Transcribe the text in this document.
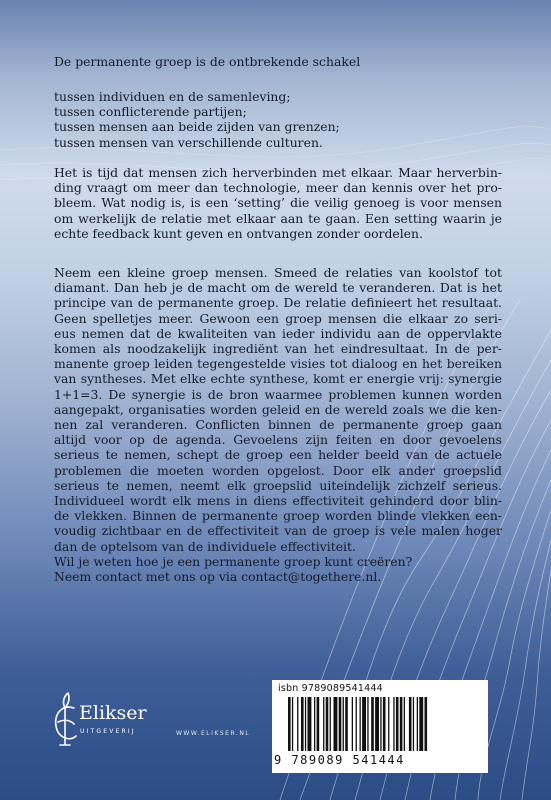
De permanente groep is de ontbrekende schakel

tussen individuen en de samenleving;

tussen conflicterende partijen;

tussen mensen aan beide zijden van grenzen;

tussen mensen van verschillende culturen.

Het is tijd dat mensen zich herverbinden met elkaar. Maar herverbin-

ding vraagt om meer dan technologie, meer dan kennis over het pro-

bleem. Wat nodig is, is een ‘setting’ die veilig genoeg is voor mensen

om werkelijk de relatie met elkaar aan te gaan. Een setting waarin je

echte feedback kunt geven en ontvangen zonder oordelen.

Neem een kleine groep mensen. Smeed de relaties van koolstof tot

diamant. Dan heb je de macht om de wereld te veranderen. Dat is het

principe van de permanente groep. De relatie definieert het resultaat.

Geen spelletjes meer. Gewoon een groep mensen die elkaar zo seri-

eus nemen dat de kwaliteiten van ieder individu aan de oppervlakte

komen als noodzakelijk ingrediënt van het eindresultaat. In de per-

manente groep leiden tegengestelde visies tot dialoog en het bereiken

van syntheses. Met elke echte synthese, komt er energie vrij: synergie

1+1=3. De synergie is de bron waarmee problemen kunnen worden

aangepakt, organisaties worden geleid en de wereld zoals we die ken-

nen zal veranderen. Conflicten binnen de permanente groep gaan

altijd voor op de agenda. Gevoelens zijn feiten en door gevoelens

serieus te nemen, schept de groep een helder beeld van de actuele

problemen die moeten worden opgelost. Door elk ander groepslid

serieus te nemen, neemt elk groepslid uiteindelijk zichzelf serieus.

Individueel wordt elk mens in diens effectiviteit gehinderd door blin-

de vlekken. Binnen de permanente groep worden blinde vlekken een-

voudig zichtbaar en de effectiviteit van de groep is vele malen hoger

dan de optelsom van de individuele effectiviteit.

Wil je weten hoe je een permanente groep kunt creëren?

Neem contact met ons op via contact@togethere.nl.

isbn 9789089541444
9 789089 541444
Elikser
UITGEVERIJ	WWW.ELIKSER.NL
